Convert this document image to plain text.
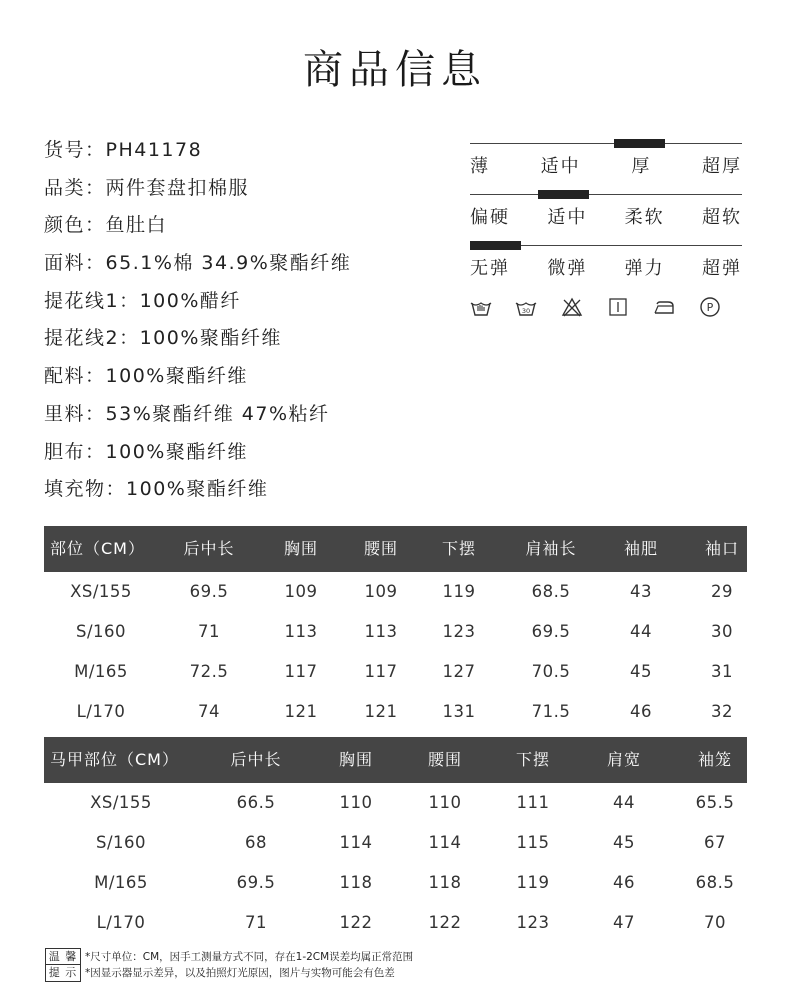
商品信息
货号：PH41178
品类：两件套盘扣棉服
颜色：鱼肚白
面料：65.1%棉 34.9%聚酯纤维
提花线1：100%醋纤
提花线2：100%聚酯纤维
配料：100%聚酯纤维
里料：53%聚酯纤维 47%粘纤
胆布：100%聚酯纤维
填充物：100%聚酯纤维
薄	适中	厚	超厚
偏硬 适中 柔软 超软
无弹 微弹 弹力 超弹
30	P
部位（CM） 后中长	胸围	腰围	下摆	肩袖长	袖肥	袖口
XS/155	69.5	109	109	119	68.5	43	29
S/160	71	113	113	123	69.5	44	30
M/165	72.5	117	117	127	70.5	45	31
L/170	74	121	121	131	71.5	46	32
马甲部位（CM）	后中长	胸围	腰围	下摆	肩宽	袖笼
XS/155	66.5	110	110	111	44	65.5
S/160	68	114	114	115	45	67
M/165	69.5	118	118	119	46	68.5
L/170	71	122	122	123	47	70
温 馨
提 示
*尺寸单位：CM，因手工测量方式不同，存在1-2CM误差均属正常范围
*因显示器显示差异，以及拍照灯光原因，图片与实物可能会有色差
